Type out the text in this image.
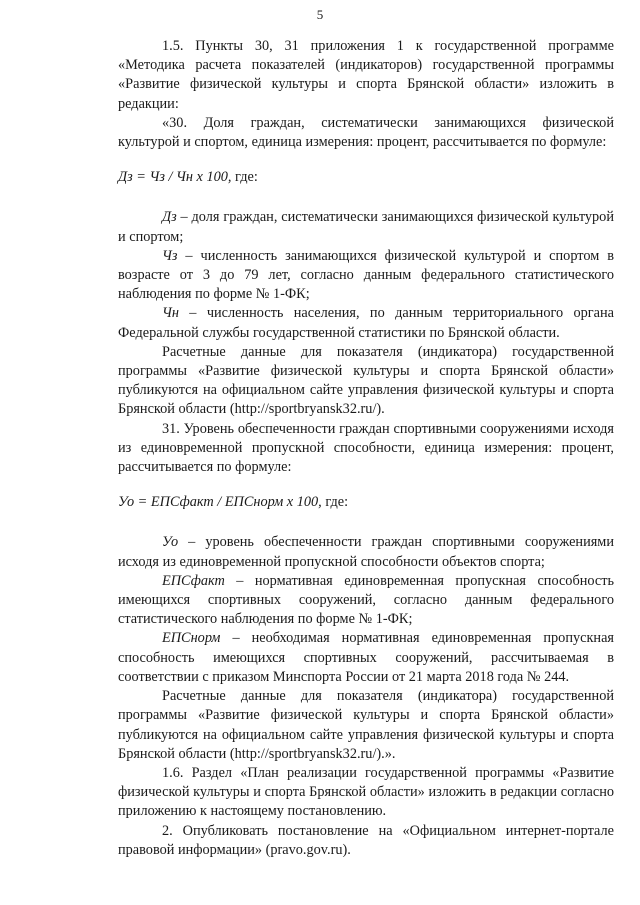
5

1.5. Пункты 30, 31 приложения 1 к государственной программе «Методика расчета показателей (индикаторов) государственной программы «Развитие физической культуры и спорта Брянской области» изложить в редакции:

«30. Доля граждан, систематически занимающихся физической культурой и спортом, единица измерения: процент, рассчитывается по формуле:

Дз = Чз / Чн x 100, где:

Дз – доля граждан, систематически занимающихся физической культурой и спортом;

Чз – численность занимающихся физической культурой и спортом в возрасте от 3 до 79 лет, согласно данным федерального статистического наблюдения по форме № 1-ФК;

Чн – численность населения, по данным территориального органа Федеральной службы государственной статистики по Брянской области.

Расчетные данные для показателя (индикатора) государственной программы «Развитие физической культуры и спорта Брянской области» публикуются на официальном сайте управления физической культуры и спорта Брянской области (http://sportbryansk32.ru/).

31. Уровень обеспеченности граждан спортивными сооружениями исходя из единовременной пропускной способности, единица измерения: процент, рассчитывается по формуле:

Уо = ЕПСфакт / ЕПСнорм x 100, где:

Уо – уровень обеспеченности граждан спортивными сооружениями исходя из единовременной пропускной способности объектов спорта;

ЕПСфакт – нормативная единовременная пропускная способность имеющихся спортивных сооружений, согласно данным федерального статистического наблюдения по форме № 1-ФК;

ЕПСнорм – необходимая нормативная единовременная пропускная способность имеющихся спортивных сооружений, рассчитываемая в соответствии с приказом Минспорта России от 21 марта 2018 года № 244.

Расчетные данные для показателя (индикатора) государственной программы «Развитие физической культуры и спорта Брянской области» публикуются на официальном сайте управления физической культуры и спорта Брянской области (http://sportbryansk32.ru/).».

1.6. Раздел «План реализации государственной программы «Развитие физической культуры и спорта Брянской области» изложить в редакции согласно приложению к настоящему постановлению.

2. Опубликовать постановление на «Официальном интернет-портале правовой информации» (pravo.gov.ru).
